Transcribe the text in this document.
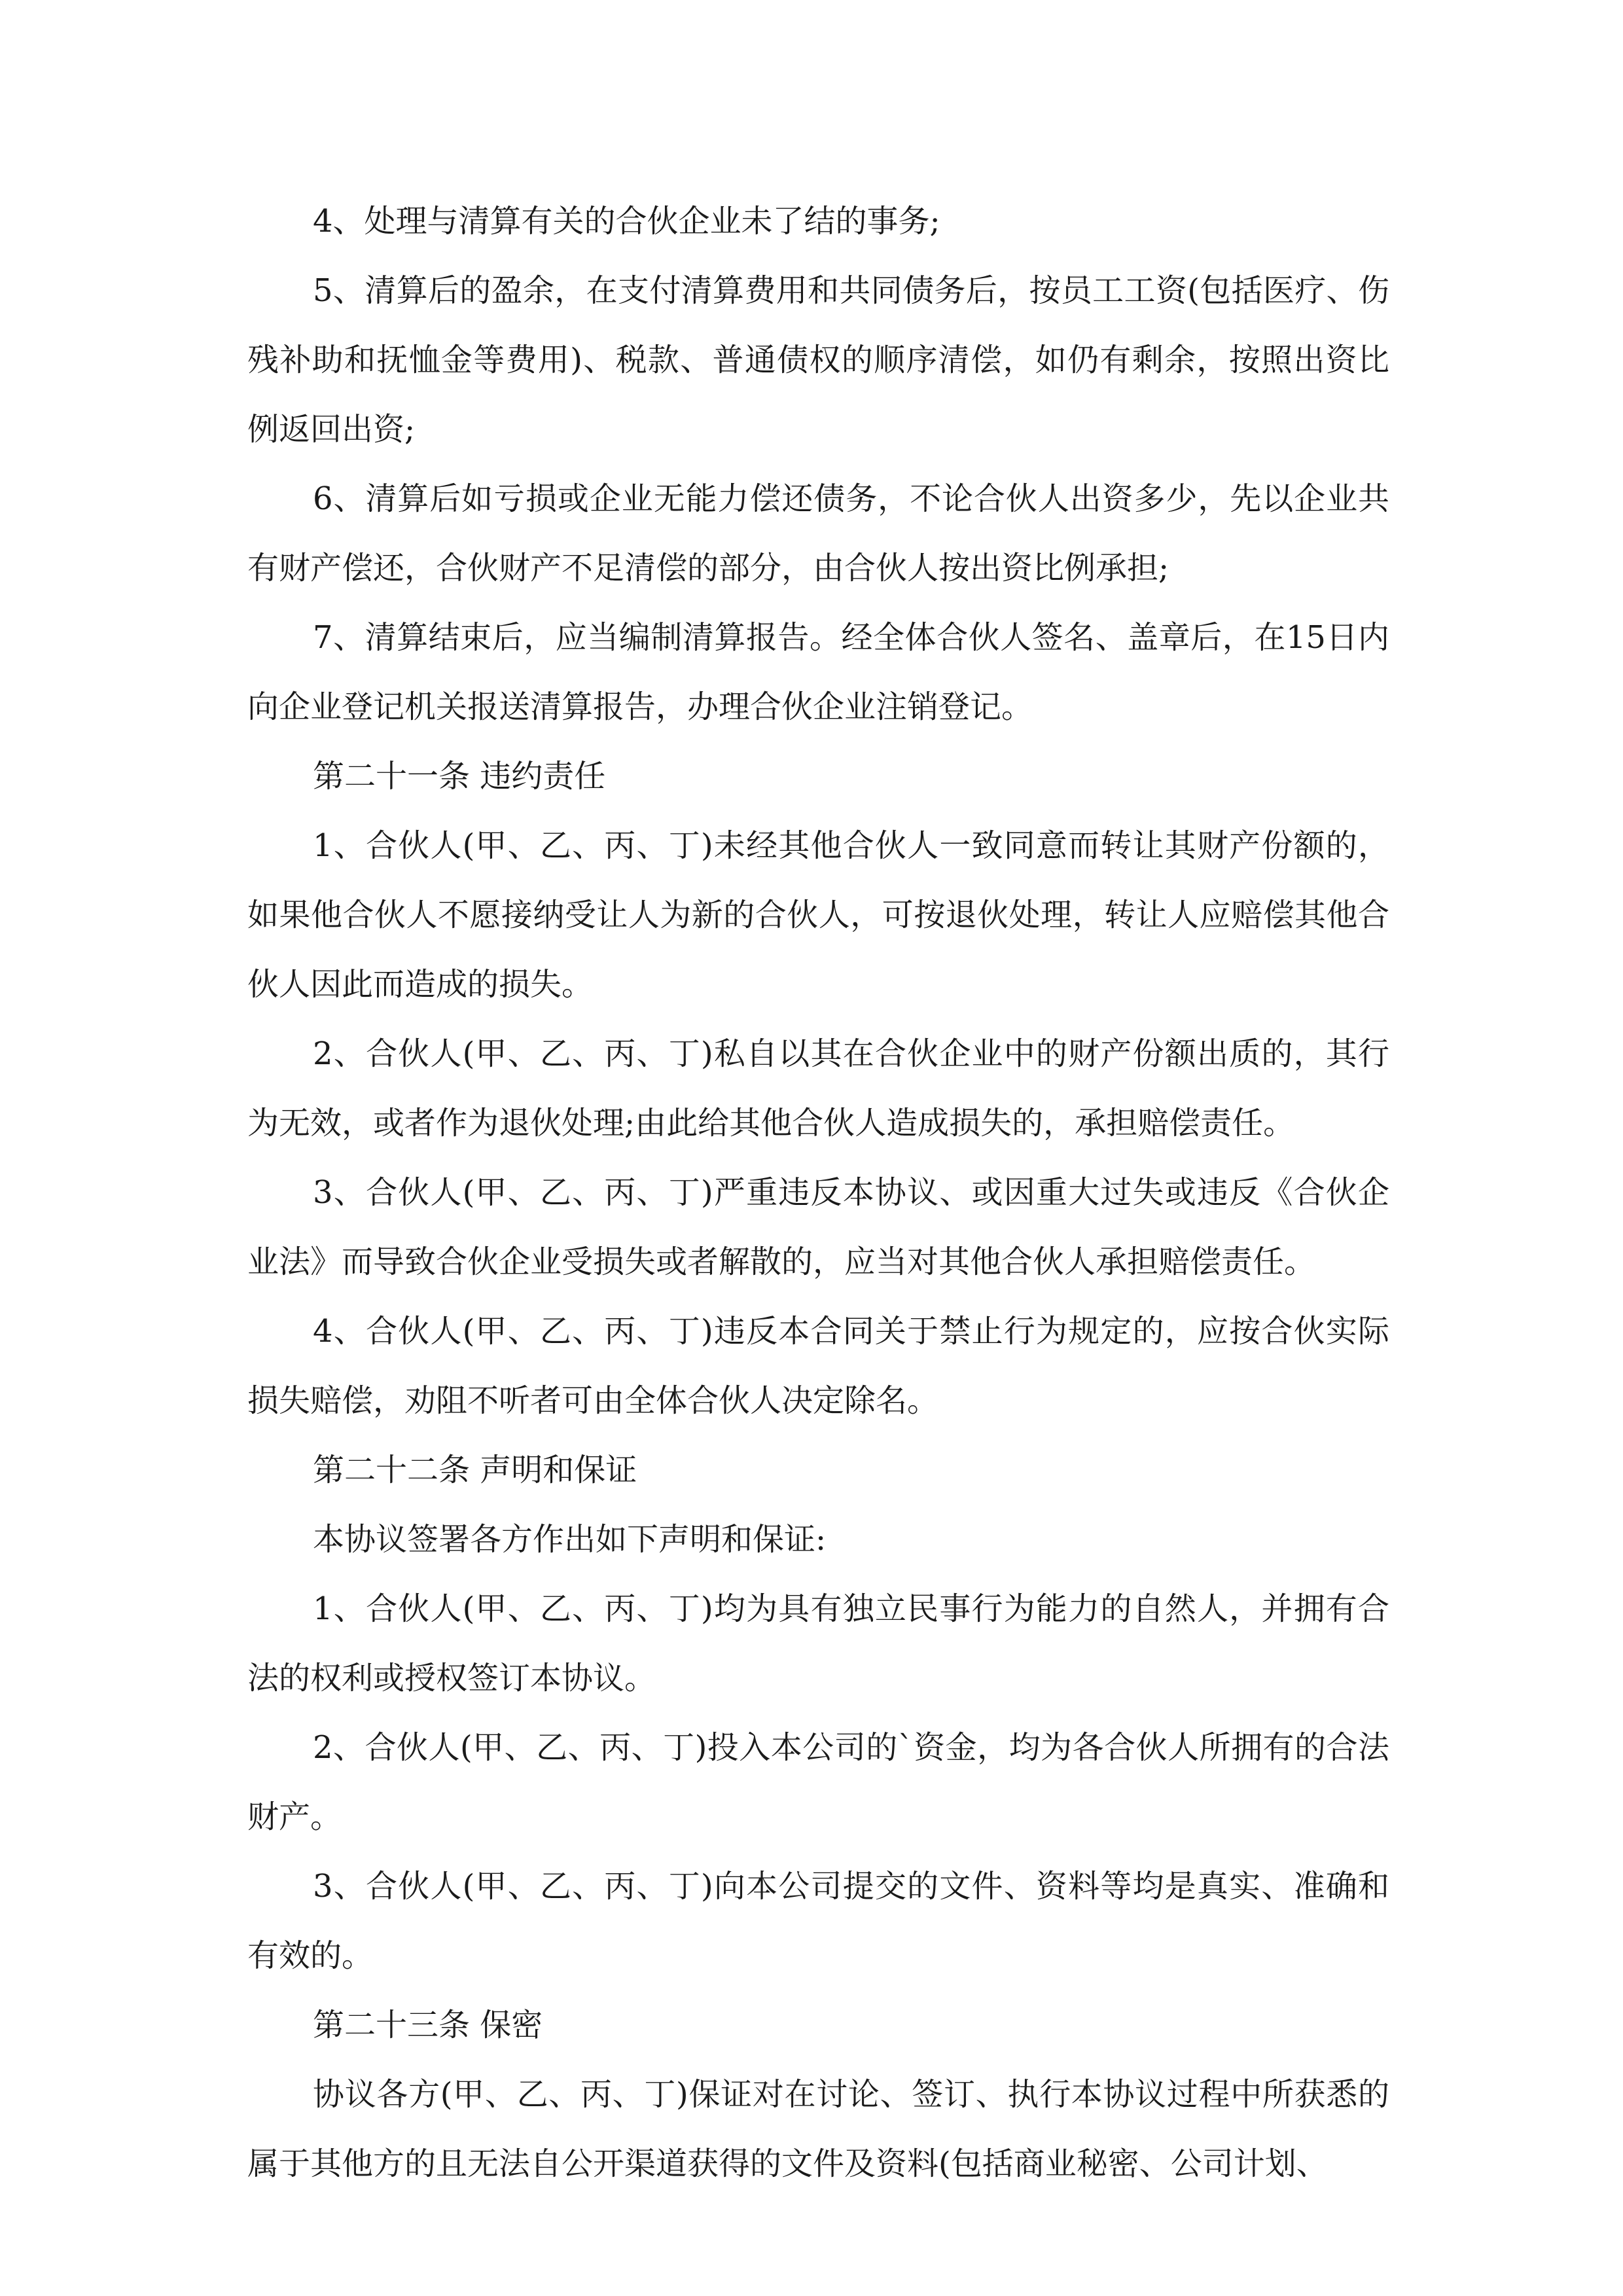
4、处理与清算有关的合伙企业未了结的事务;

5、清算后的盈余，在支付清算费用和共同债务后，按员工工资(包括医疗、伤残补助和抚恤金等费用)、税款、普通债权的顺序清偿，如仍有剩余，按照出资比例返回出资;

6、清算后如亏损或企业无能力偿还债务，不论合伙人出资多少，先以企业共有财产偿还，合伙财产不足清偿的部分，由合伙人按出资比例承担;

7、清算结束后，应当编制清算报告。经全体合伙人签名、盖章后，在15日内向企业登记机关报送清算报告，办理合伙企业注销登记。

第二十一条 违约责任

1、合伙人(甲、乙、丙、丁)未经其他合伙人一致同意而转让其财产份额的，如果他合伙人不愿接纳受让人为新的合伙人，可按退伙处理，转让人应赔偿其他合伙人因此而造成的损失。

2、合伙人(甲、乙、丙、丁)私自以其在合伙企业中的财产份额出质的，其行为无效，或者作为退伙处理;由此给其他合伙人造成损失的，承担赔偿责任。

3、合伙人(甲、乙、丙、丁)严重违反本协议、或因重大过失或违反《合伙企业法》而导致合伙企业受损失或者解散的，应当对其他合伙人承担赔偿责任。

4、合伙人(甲、乙、丙、丁)违反本合同关于禁止行为规定的，应按合伙实际损失赔偿，劝阻不听者可由全体合伙人决定除名。

第二十二条 声明和保证

本协议签署各方作出如下声明和保证:

1、合伙人(甲、乙、丙、丁)均为具有独立民事行为能力的自然人，并拥有合法的权利或授权签订本协议。

2、合伙人(甲、乙、丙、丁)投入本公司的`资金，均为各合伙人所拥有的合法财产。

3、合伙人(甲、乙、丙、丁)向本公司提交的文件、资料等均是真实、准确和有效的。

第二十三条 保密

协议各方(甲、乙、丙、丁)保证对在讨论、签订、执行本协议过程中所获悉的属于其他方的且无法自公开渠道获得的文件及资料(包括商业秘密、公司计划、
